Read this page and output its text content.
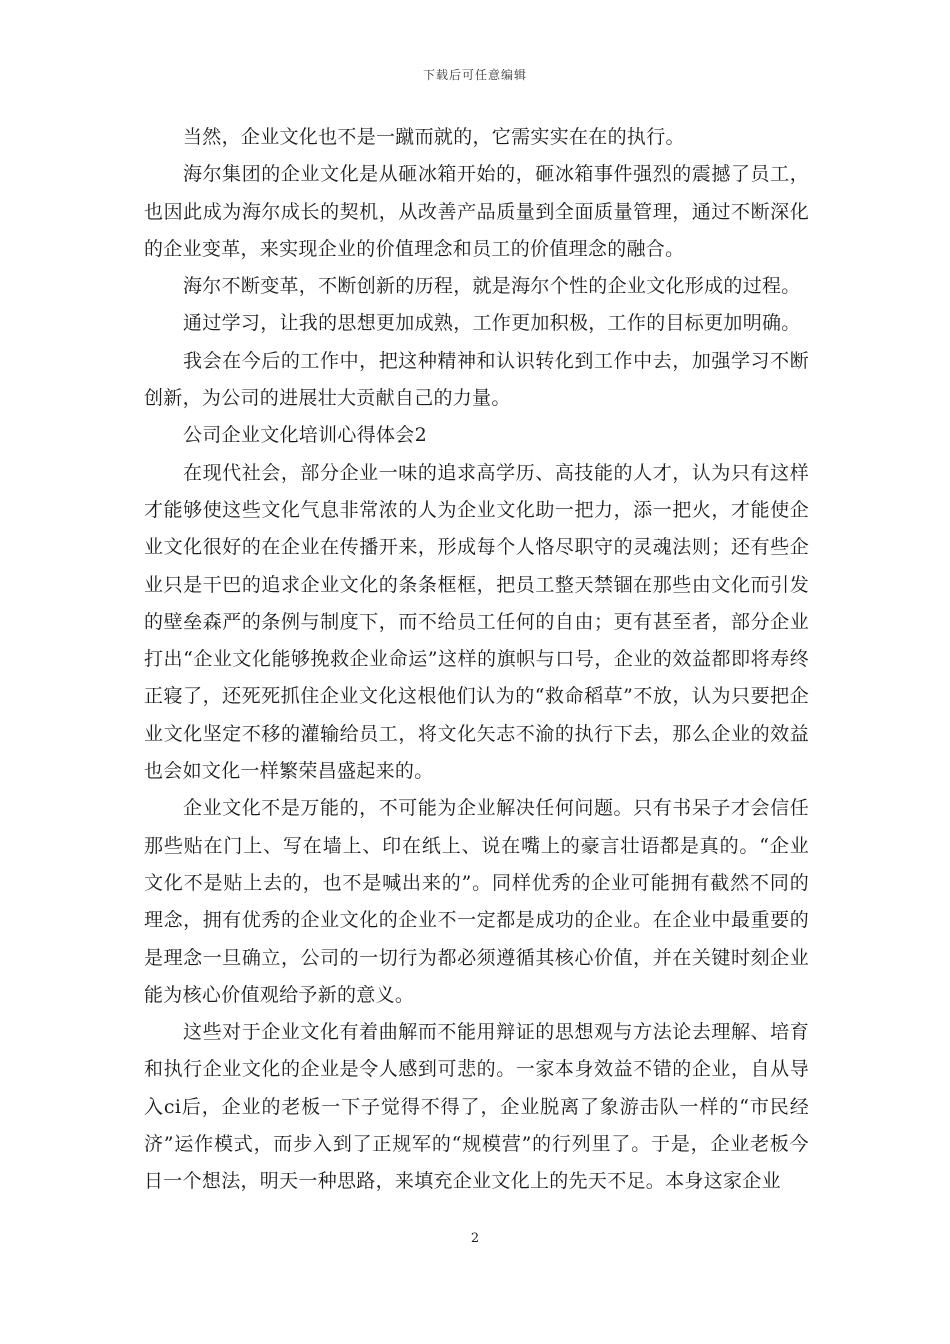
下载后可任意编辑

当然，企业文化也不是一蹴而就的，它需实实在在的执行。

海尔集团的企业文化是从砸冰箱开始的，砸冰箱事件强烈的震撼了员工，也因此成为海尔成长的契机，从改善产品质量到全面质量管理，通过不断深化的企业变革，来实现企业的价值理念和员工的价值理念的融合。

海尔不断变革，不断创新的历程，就是海尔个性的企业文化形成的过程。

通过学习，让我的思想更加成熟，工作更加积极，工作的目标更加明确。

我会在今后的工作中，把这种精神和认识转化到工作中去，加强学习不断创新，为公司的进展壮大贡献自己的力量。

公司企业文化培训心得体会2

在现代社会，部分企业一味的追求高学历、高技能的人才，认为只有这样才能够使这些文化气息非常浓的人为企业文化助一把力，添一把火，才能使企业文化很好的在企业在传播开来，形成每个人恪尽职守的灵魂法则；还有些企业只是干巴的追求企业文化的条条框框，把员工整天禁锢在那些由文化而引发的壁垒森严的条例与制度下，而不给员工任何的自由；更有甚至者，部分企业打出“企业文化能够挽救企业命运”这样的旗帜与口号，企业的效益都即将寿终正寝了，还死死抓住企业文化这根他们认为的“救命稻草”不放，认为只要把企业文化坚定不移的灌输给员工，将文化矢志不渝的执行下去，那么企业的效益也会如文化一样繁荣昌盛起来的。

企业文化不是万能的，不可能为企业解决任何问题。只有书呆子才会信任那些贴在门上、写在墙上、印在纸上、说在嘴上的豪言壮语都是真的。“企业文化不是贴上去的，也不是喊出来的”。同样优秀的企业可能拥有截然不同的理念，拥有优秀的企业文化的企业不一定都是成功的企业。在企业中最重要的是理念一旦确立，公司的一切行为都必须遵循其核心价值，并在关键时刻企业能为核心价值观给予新的意义。

这些对于企业文化有着曲解而不能用辩证的思想观与方法论去理解、培育和执行企业文化的企业是令人感到可悲的。一家本身效益不错的企业，自从导入ci后，企业的老板一下子觉得不得了，企业脱离了象游击队一样的“市民经济”运作模式，而步入到了正规军的“规模营”的行列里了。于是，企业老板今日一个想法，明天一种思路，来填充企业文化上的先天不足。本身这家企业

2
